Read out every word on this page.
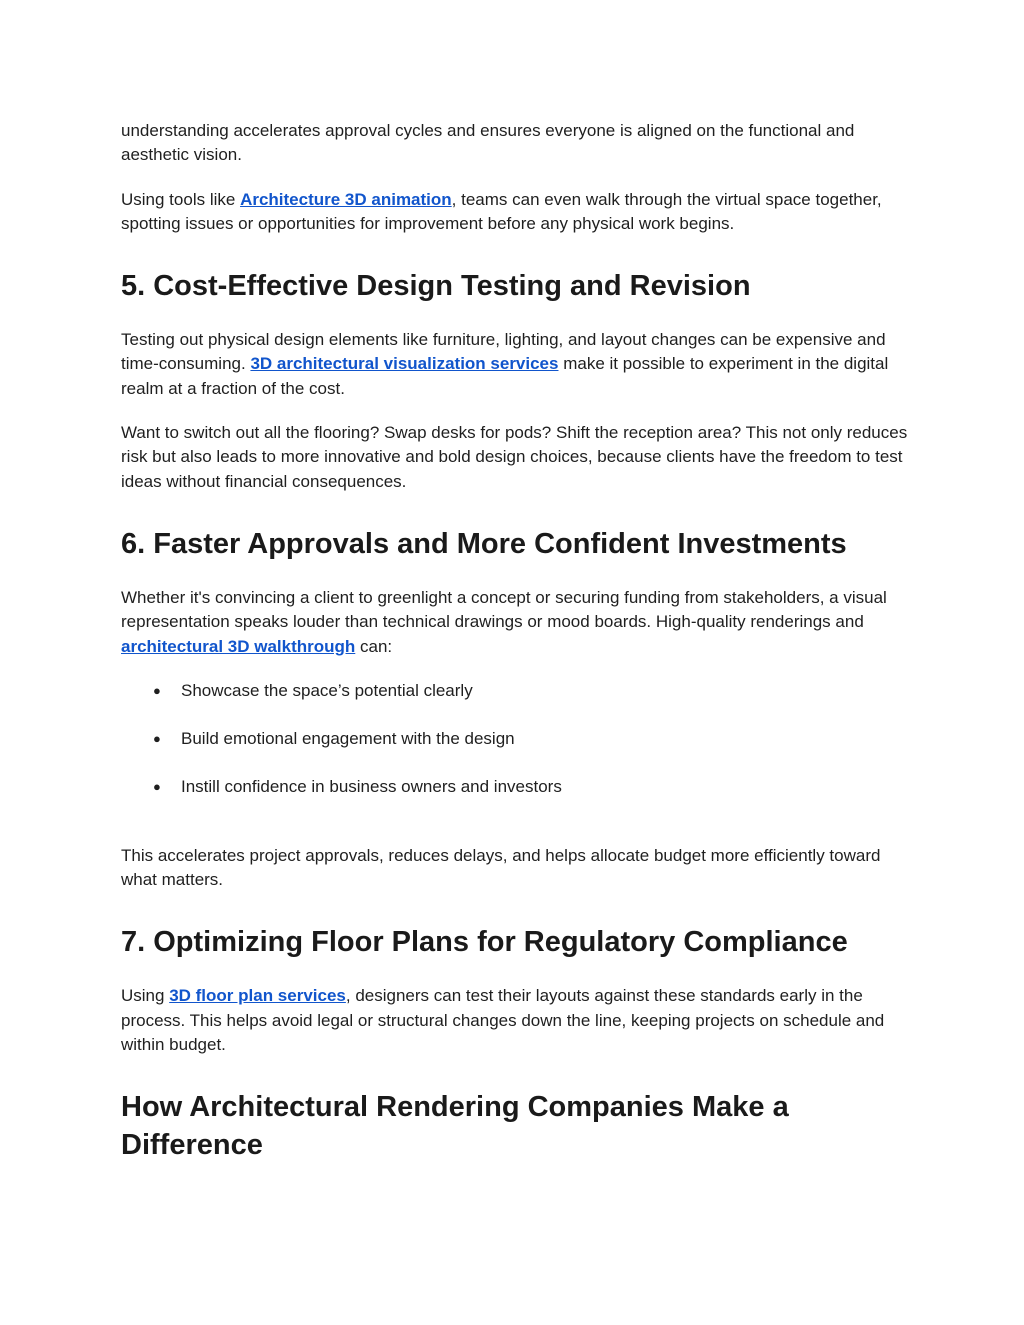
understanding accelerates approval cycles and ensures everyone is aligned on the functional and aesthetic vision.

Using tools like Architecture 3D animation, teams can even walk through the virtual space together, spotting issues or opportunities for improvement before any physical work begins.

5. Cost-Effective Design Testing and Revision

Testing out physical design elements like furniture, lighting, and layout changes can be expensive and time-consuming. 3D architectural visualization services make it possible to experiment in the digital realm at a fraction of the cost.

Want to switch out all the flooring? Swap desks for pods? Shift the reception area? This not only reduces risk but also leads to more innovative and bold design choices, because clients have the freedom to test ideas without financial consequences.

6. Faster Approvals and More Confident Investments

Whether it's convincing a client to greenlight a concept or securing funding from stakeholders, a visual representation speaks louder than technical drawings or mood boards. High-quality renderings and architectural 3D walkthrough can:

● Showcase the space’s potential clearly
● Build emotional engagement with the design
● Instill confidence in business owners and investors

This accelerates project approvals, reduces delays, and helps allocate budget more efficiently toward what matters.

7. Optimizing Floor Plans for Regulatory Compliance

Using 3D floor plan services, designers can test their layouts against these standards early in the process. This helps avoid legal or structural changes down the line, keeping projects on schedule and within budget.

How Architectural Rendering Companies Make a Difference
